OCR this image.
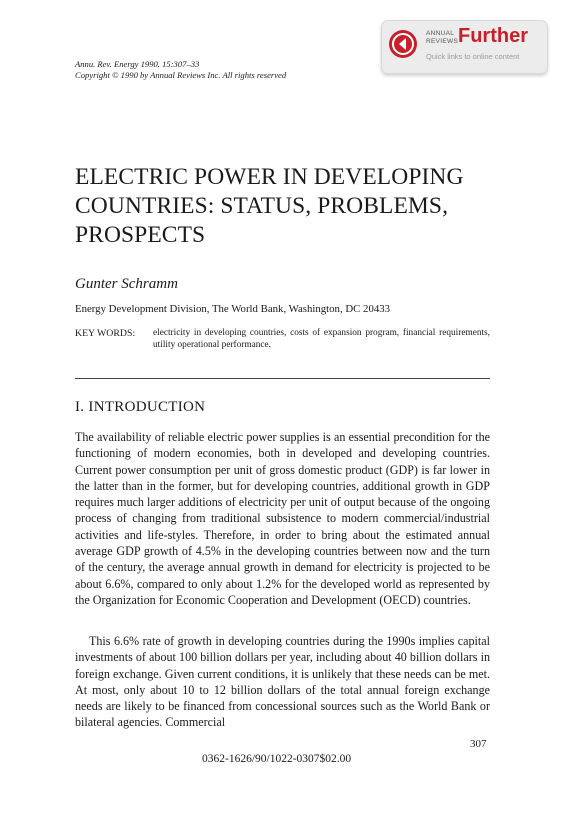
Annu. Rev. Energy 1990. 15:307–33
Copyright © 1990 by Annual Reviews Inc. All rights reserved
ANNUAL
REVIEWS Further
Quick links to online content
ELECTRIC POWER IN DEVELOPING COUNTRIES: STATUS, PROBLEMS, PROSPECTS
Gunter Schramm
Energy Development Division, The World Bank, Washington, DC 20433
KEY WORDS: electricity in developing countries, costs of expansion program, financial requirements, utility operational performance.
I. INTRODUCTION

The availability of reliable electric power supplies is an essential precondition for the functioning of modern economies, both in developed and developing countries. Current power consumption per unit of gross domestic product (GDP) is far lower in the latter than in the former, but for developing countries, additional growth in GDP requires much larger additions of electricity per unit of output because of the ongoing process of changing from traditional subsistence to modern commercial/industrial activities and life-styles. Therefore, in order to bring about the estimated annual average GDP growth of 4.5% in the developing countries between now and the turn of the century, the average annual growth in demand for electricity is projected to be about 6.6%, compared to only about 1.2% for the developed world as represented by the Organization for Economic Cooperation and Development (OECD) countries.

This 6.6% rate of growth in developing countries during the 1990s implies capital investments of about 100 billion dollars per year, including about 40 billion dollars in foreign exchange. Given current conditions, it is unlikely that these needs can be met. At most, only about 10 to 12 billion dollars of the total annual foreign exchange needs are likely to be financed from concessional sources such as the World Bank or bilateral agencies. Commercial

307
0362-1626/90/1022-0307$02.00
